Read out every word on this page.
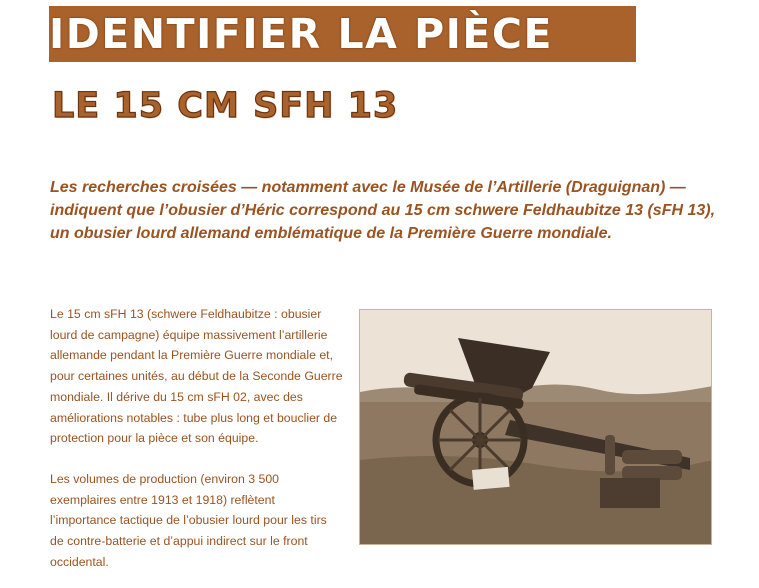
IDENTIFIER LA PIÈCE
LE 15 CM SFH 13
Les recherches croisées — notamment avec le Musée de l’Artillerie (Draguignan) —
indiquent que l’obusier d’Héric correspond au 15 cm schwere Feldhaubitze 13 (sFH 13),
un obusier lourd allemand emblématique de la Première Guerre mondiale.
Le 15 cm sFH 13 (schwere Feldhaubitze : obusier
lourd de campagne) équipe massivement l’artillerie
allemande pendant la Première Guerre mondiale et,
pour certaines unités, au début de la Seconde Guerre
mondiale. Il dérive du 15 cm sFH 02, avec des
améliorations notables : tube plus long et bouclier de
protection pour la pièce et son équipe.
Les volumes de production (environ 3 500
exemplaires entre 1913 et 1918) reflètent
l’importance tactique de l’obusier lourd pour les tirs
de contre-batterie et d’appui indirect sur le front
occidental.
